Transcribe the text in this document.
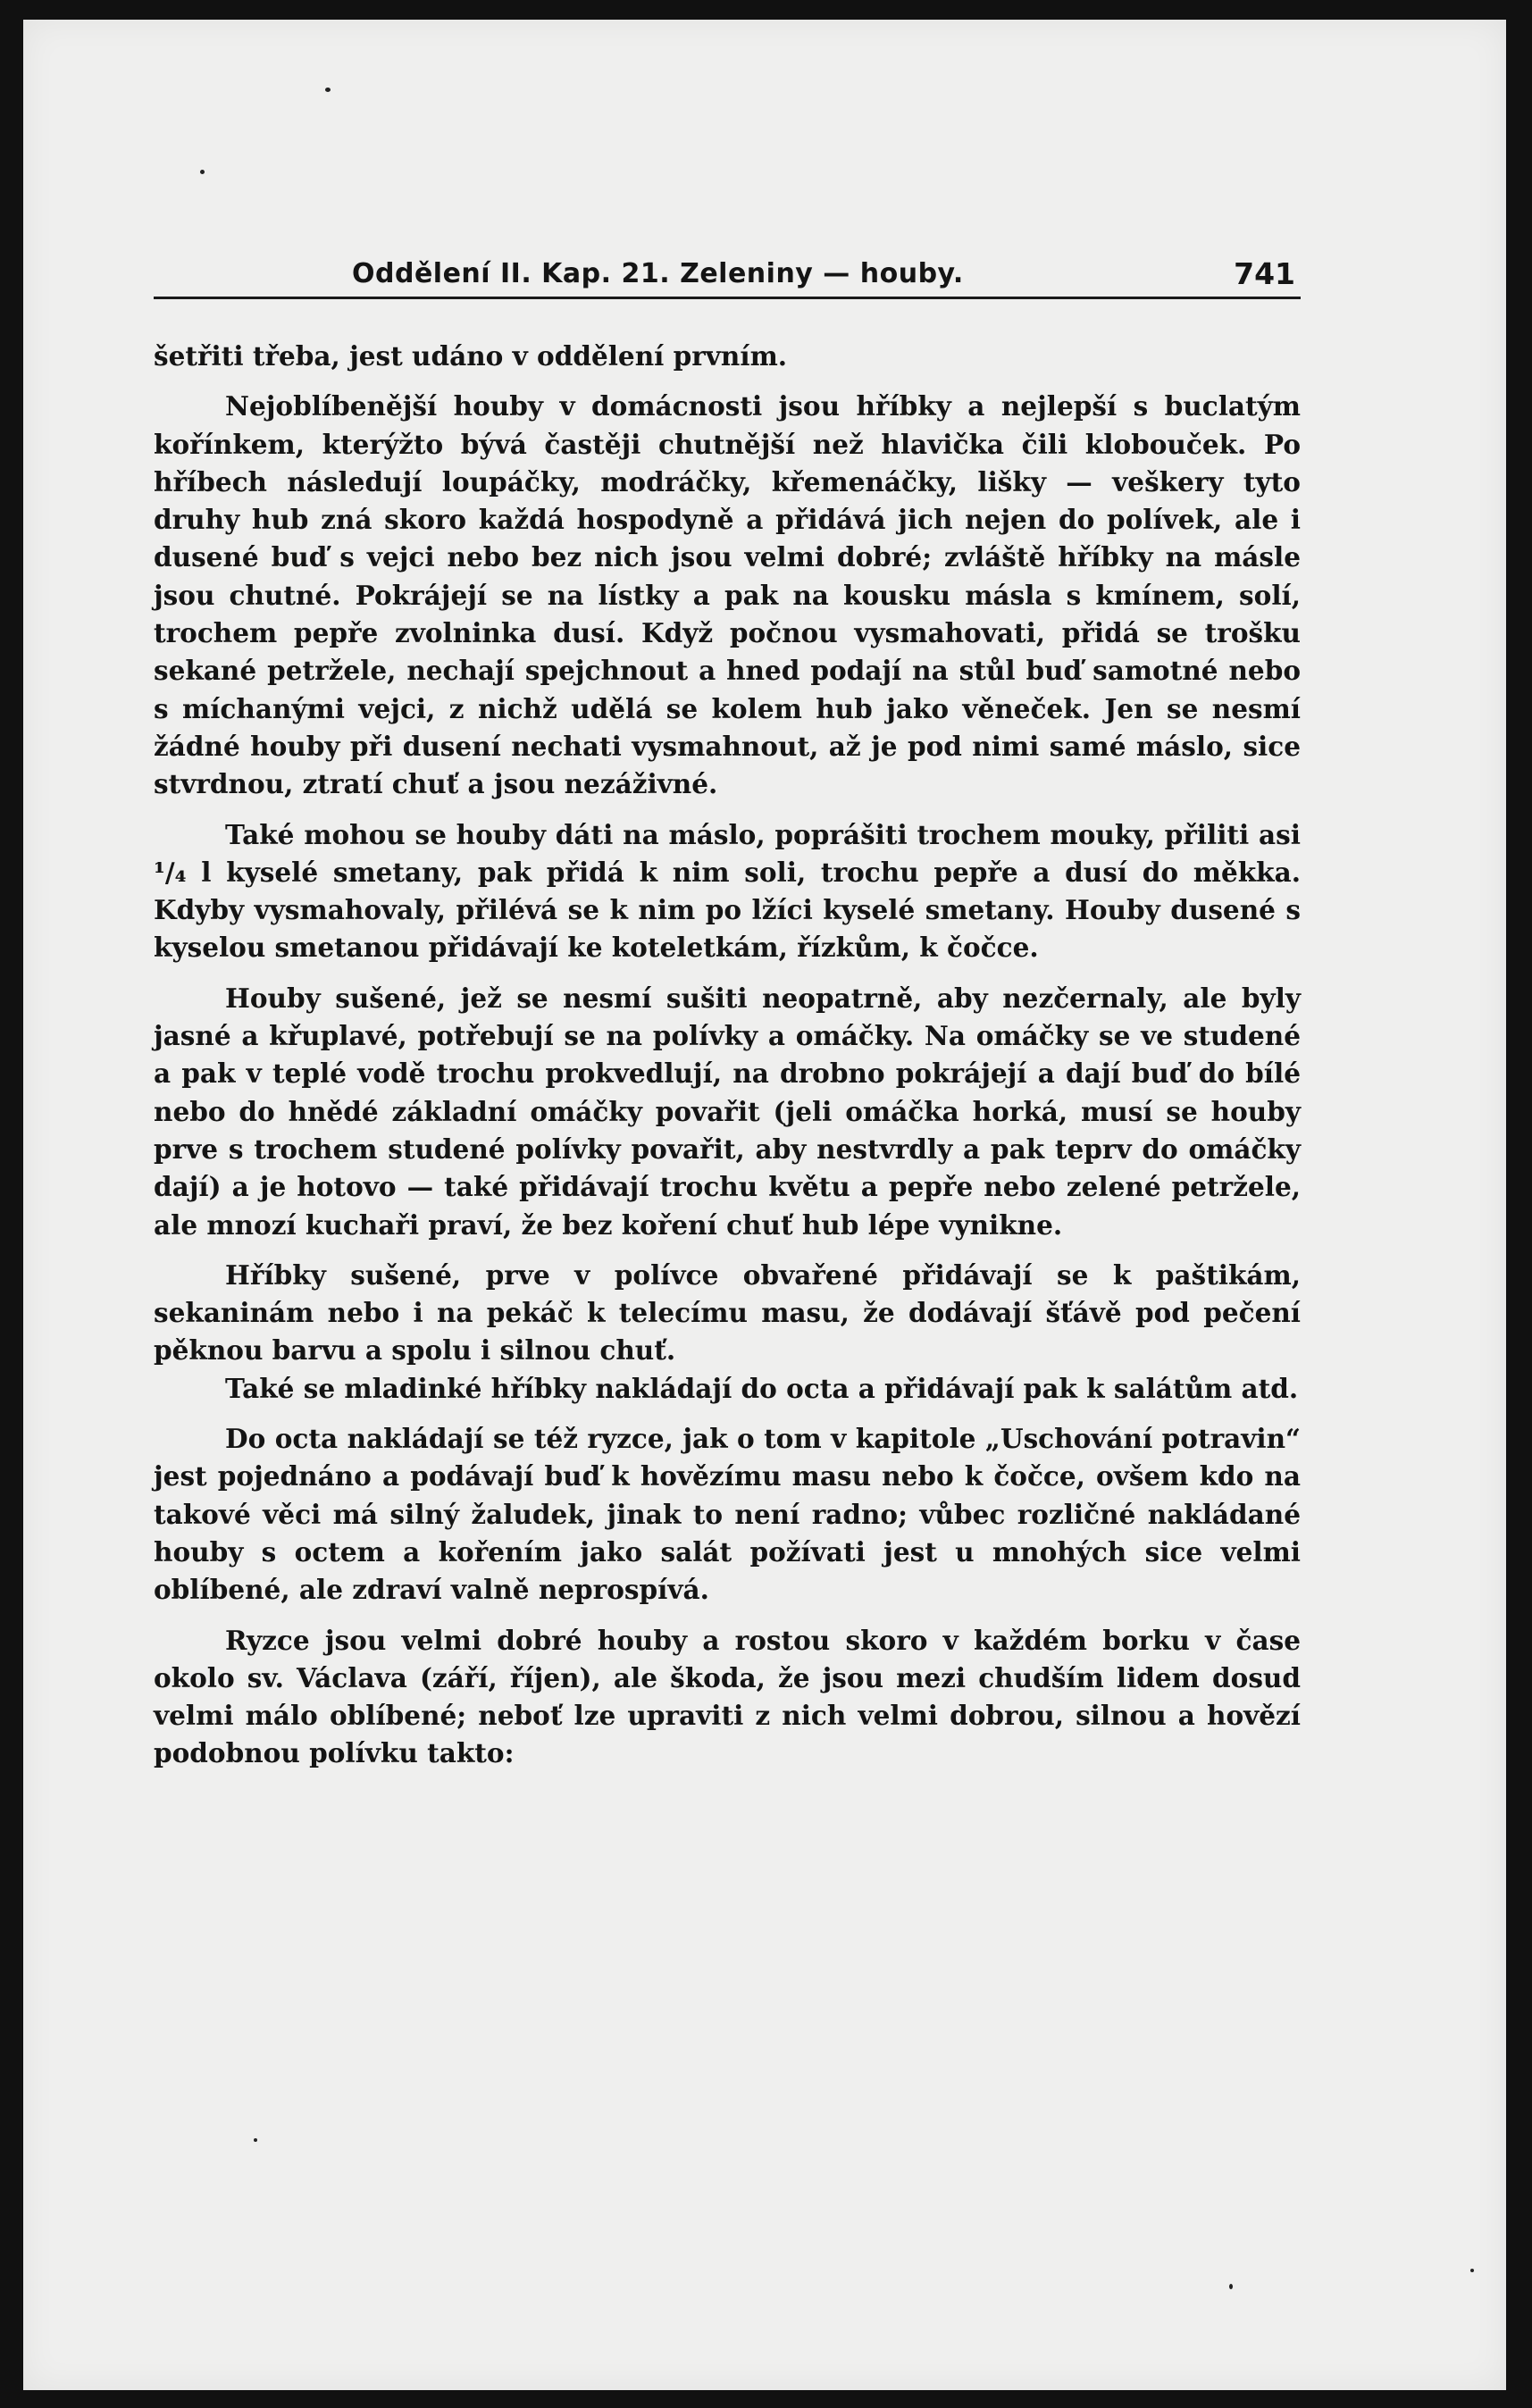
Oddělení II. Kap. 21. Zeleniny — houby.	741

šetřiti třeba, jest udáno v oddělení prvním.

Nejoblíbenější houby v domácnosti jsou hříbky a nejlepší s buclatým kořínkem, kterýžto bývá častěji chutnější než hlavička čili klobouček. Po hříbech následují loupáčky, modráčky, křemenáčky, lišky — veškery tyto druhy hub zná skoro každá hospodyně a přidává jich nejen do polívek, ale i dusené buď s vejci nebo bez nich jsou velmi dobré; zvláště hříbky na másle jsou chutné. Pokrájejí se na lístky a pak na kousku másla s kmínem, solí, trochem pepře zvolninka dusí. Když počnou vysmahovati, přidá se trošku sekané petržele, nechají spejchnout a hned podají na stůl buď samotné nebo s míchanými vejci, z nichž udělá se kolem hub jako věneček. Jen se nesmí žádné houby při dusení nechati vysmahnout, až je pod nimi samé máslo, sice stvrdnou, ztratí chuť a jsou nezáživné.

Také mohou se houby dáti na máslo, poprášiti trochem mouky, přiliti asi ¹/₄ l kyselé smetany, pak přidá k nim soli, trochu pepře a dusí do měkka. Kdyby vysmahovaly, přilévá se k nim po lžíci kyselé smetany. Houby dusené s kyselou smetanou přidávají ke koteletkám, řízkům, k čočce.

Houby sušené, jež se nesmí sušiti neopatrně, aby nezčernaly, ale byly jasné a křuplavé, potřebují se na polívky a omáčky. Na omáčky se ve studené a pak v teplé vodě trochu prokvedlují, na drobno pokrájejí a dají buď do bílé nebo do hnědé základní omáčky povařit (jeli omáčka horká, musí se houby prve s trochem studené polívky povařit, aby nestvrdly a pak teprv do omáčky dají) a je hotovo — také přidávají trochu květu a pepře nebo zelené petržele, ale mnozí kuchaři praví, že bez koření chuť hub lépe vynikne.

Hříbky sušené, prve v polívce obvařené přidávají se k paštikám, sekaninám nebo i na pekáč k telecímu masu, že dodávají šťávě pod pečení pěknou barvu a spolu i silnou chuť.

Také se mladinké hříbky nakládají do octa a přidávají pak k salátům atd.

Do octa nakládají se též ryzce, jak o tom v kapitole „Uschování potravin“ jest pojednáno a podávají buď k hovězímu masu nebo k čočce, ovšem kdo na takové věci má silný žaludek, jinak to není radno; vůbec rozličné nakládané houby s octem a kořením jako salát požívati jest u mnohých sice velmi oblíbené, ale zdraví valně neprospívá.

Ryzce jsou velmi dobré houby a rostou skoro v každém borku v čase okolo sv. Václava (září, říjen), ale škoda, že jsou mezi chudším lidem dosud velmi málo oblíbené; neboť lze upraviti z nich velmi dobrou, silnou a hovězí podobnou polívku takto:
